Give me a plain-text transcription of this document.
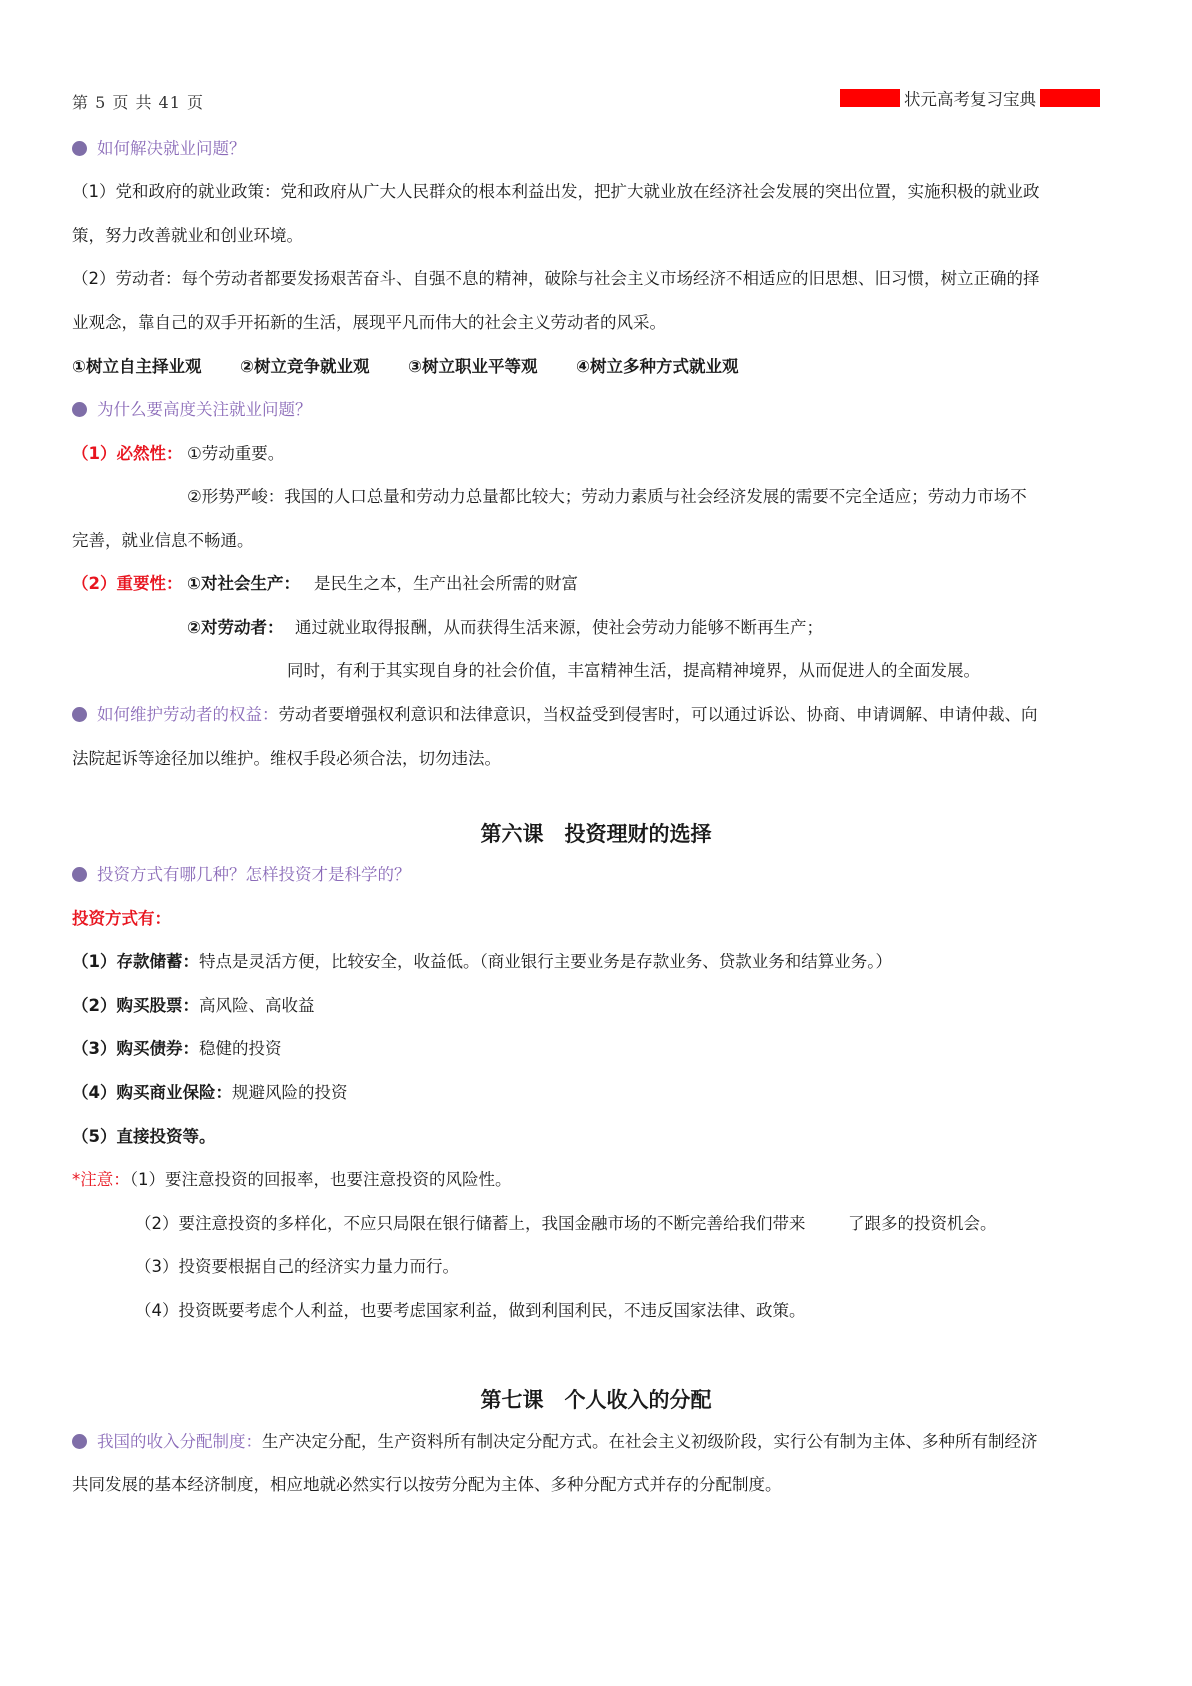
第 5 页 共 41 页	状元高考复习宝典
如何解决就业问题？
（1）党和政府的就业政策：党和政府从广大人民群众的根本利益出发，把扩大就业放在经济社会发展的突出位置，实施积极的就业政
策，努力改善就业和创业环境。
（2）劳动者：每个劳动者都要发扬艰苦奋斗、自强不息的精神，破除与社会主义市场经济不相适应的旧思想、旧习惯，树立正确的择
业观念，靠自己的双手开拓新的生活，展现平凡而伟大的社会主义劳动者的风采。
①树立自主择业观 ②树立竞争就业观 ③树立职业平等观 ④树立多种方式就业观
为什么要高度关注就业问题？
（1）必然性： ①劳动重要。
②形势严峻：我国的人口总量和劳动力总量都比较大；劳动力素质与社会经济发展的需要不完全适应；劳动力市场不
完善，就业信息不畅通。
（2）重要性： ①对社会生产： 是民生之本，生产出社会所需的财富
②对劳动者： 通过就业取得报酬，从而获得生活来源，使社会劳动力能够不断再生产；
同时，有利于其实现自身的社会价值，丰富精神生活，提高精神境界，从而促进人的全面发展。
如何维护劳动者的权益：劳动者要增强权利意识和法律意识，当权益受到侵害时，可以通过诉讼、协商、申请调解、申请仲裁、向
法院起诉等途径加以维护。维权手段必须合法，切勿违法。
第六课　投资理财的选择
投资方式有哪几种？怎样投资才是科学的？
投资方式有：
（1）存款储蓄：特点是灵活方便，比较安全，收益低。（商业银行主要业务是存款业务、贷款业务和结算业务。）
（2）购买股票：高风险、高收益
（3）购买债券：稳健的投资
（4）购买商业保险：规避风险的投资
（5）直接投资等。
*注意：（1）要注意投资的回报率，也要注意投资的风险性。
（2）要注意投资的多样化，不应只局限在银行储蓄上，我国金融市场的不断完善给我们带来	了跟多的投资机会。
（3）投资要根据自己的经济实力量力而行。
（4）投资既要考虑个人利益，也要考虑国家利益，做到利国利民，不违反国家法律、政策。
第七课　个人收入的分配
我国的收入分配制度：生产决定分配，生产资料所有制决定分配方式。在社会主义初级阶段，实行公有制为主体、多种所有制经济
共同发展的基本经济制度，相应地就必然实行以按劳分配为主体、多种分配方式并存的分配制度。
